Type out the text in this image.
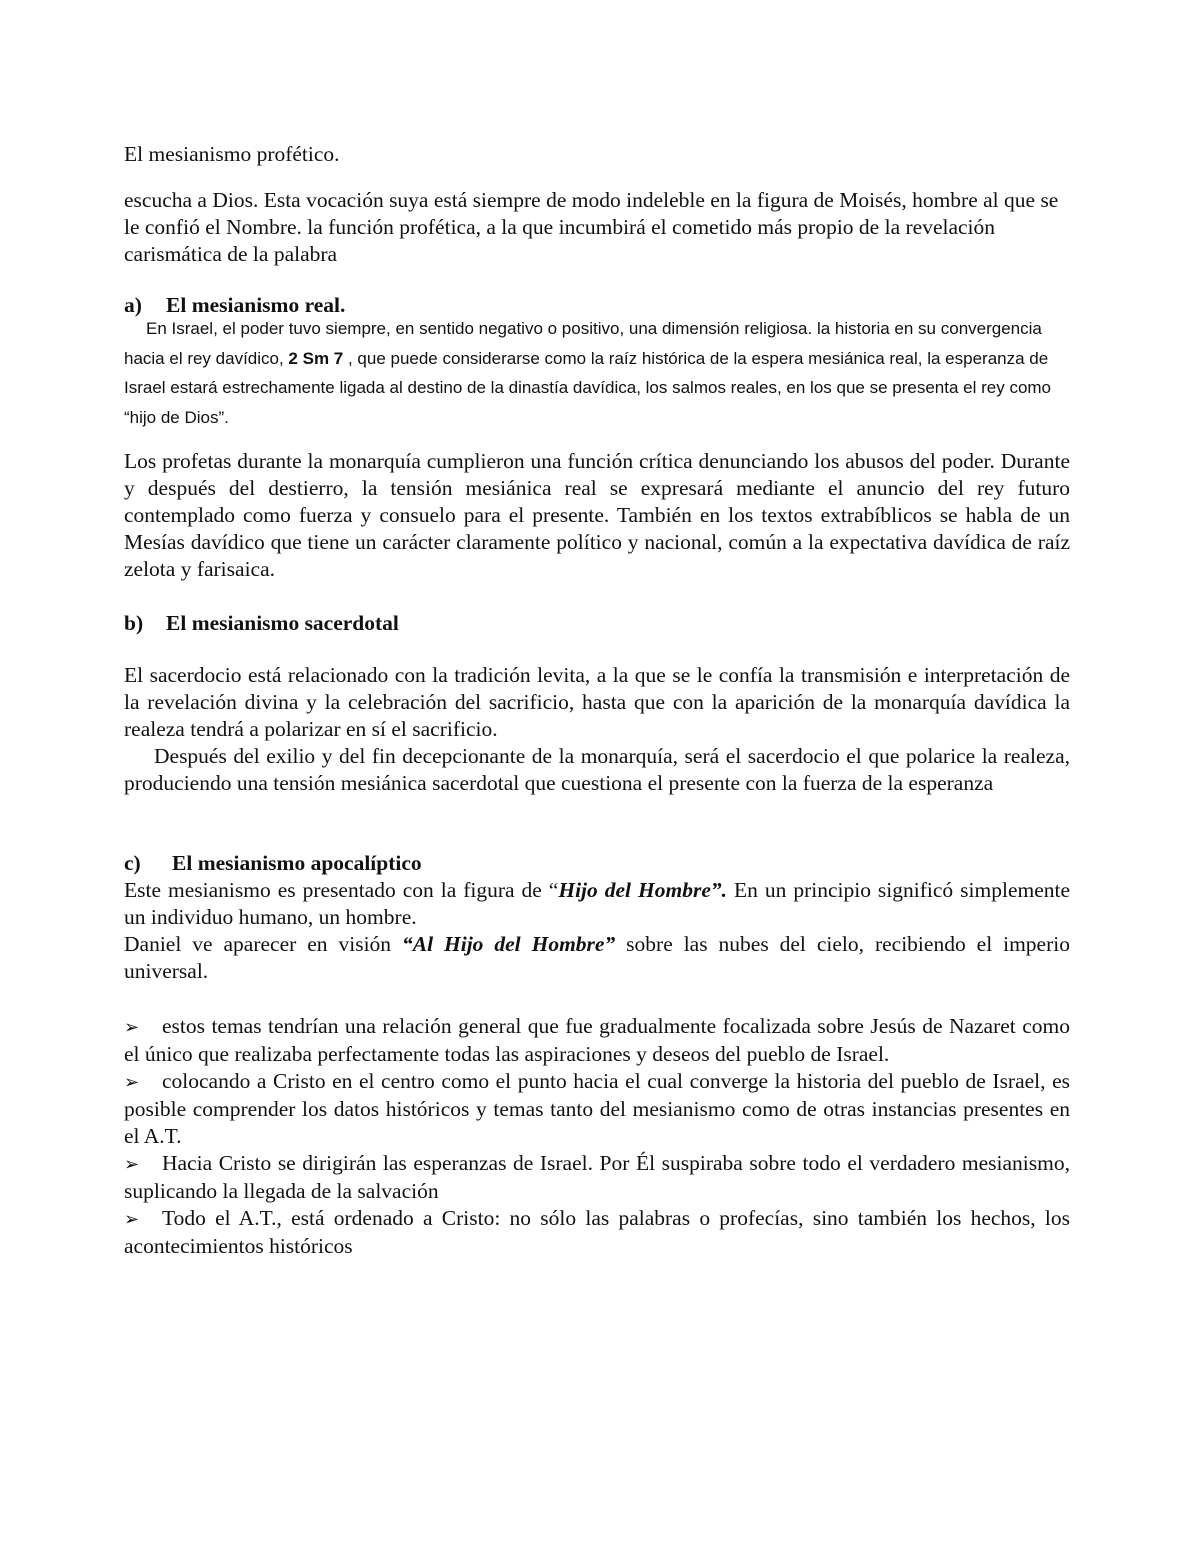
El mesianismo profético.

escucha a Dios. Esta vocación suya está siempre de modo indeleble en la figura de Moisés, hombre al que se le confió el Nombre. la función profética, a la que incumbirá el cometido más propio de la revelación carismática de la palabra

a) El mesianismo real.

En Israel, el poder tuvo siempre, en sentido negativo o positivo, una dimensión religiosa. la historia en su convergencia hacia el rey davídico, 2 Sm 7 , que puede considerarse como la raíz histórica de la espera mesiánica real, la esperanza de Israel estará estrechamente ligada al destino de la dinastía davídica, los salmos reales, en los que se presenta el rey como “hijo de Dios”.

Los profetas durante la monarquía cumplieron una función crítica denunciando los abusos del poder. Durante y después del destierro, la tensión mesiánica real se expresará mediante el anuncio del rey futuro contemplado como fuerza y consuelo para el presente. También en los textos extrabíblicos se habla de un Mesías davídico que tiene un carácter claramente político y nacional, común a la expectativa davídica de raíz zelota y farisaica.

b) El mesianismo sacerdotal

El sacerdocio está relacionado con la tradición levita, a la que se le confía la transmisión e interpretación de la revelación divina y la celebración del sacrificio, hasta que con la aparición de la monarquía davídica la realeza tendrá a polarizar en sí el sacrificio.

Después del exilio y del fin decepcionante de la monarquía, será el sacerdocio el que polarice la realeza, produciendo una tensión mesiánica sacerdotal que cuestiona el presente con la fuerza de la esperanza

c) El mesianismo apocalíptico

Este mesianismo es presentado con la figura de “Hijo del Hombre”. En un principio significó simplemente un individuo humano, un hombre.

Daniel ve aparecer en visión “Al Hijo del Hombre” sobre las nubes del cielo, recibiendo el imperio universal.

➢ estos temas tendrían una relación general que fue gradualmente focalizada sobre Jesús de Nazaret como el único que realizaba perfectamente todas las aspiraciones y deseos del pueblo de Israel.
➢ colocando a Cristo en el centro como el punto hacia el cual converge la historia del pueblo de Israel, es posible comprender los datos históricos y temas tanto del mesianismo como de otras instancias presentes en el A.T.
➢ Hacia Cristo se dirigirán las esperanzas de Israel. Por Él suspiraba sobre todo el verdadero mesianismo, suplicando la llegada de la salvación
➢ Todo el A.T., está ordenado a Cristo: no sólo las palabras o profecías, sino también los hechos, los acontecimientos históricos
